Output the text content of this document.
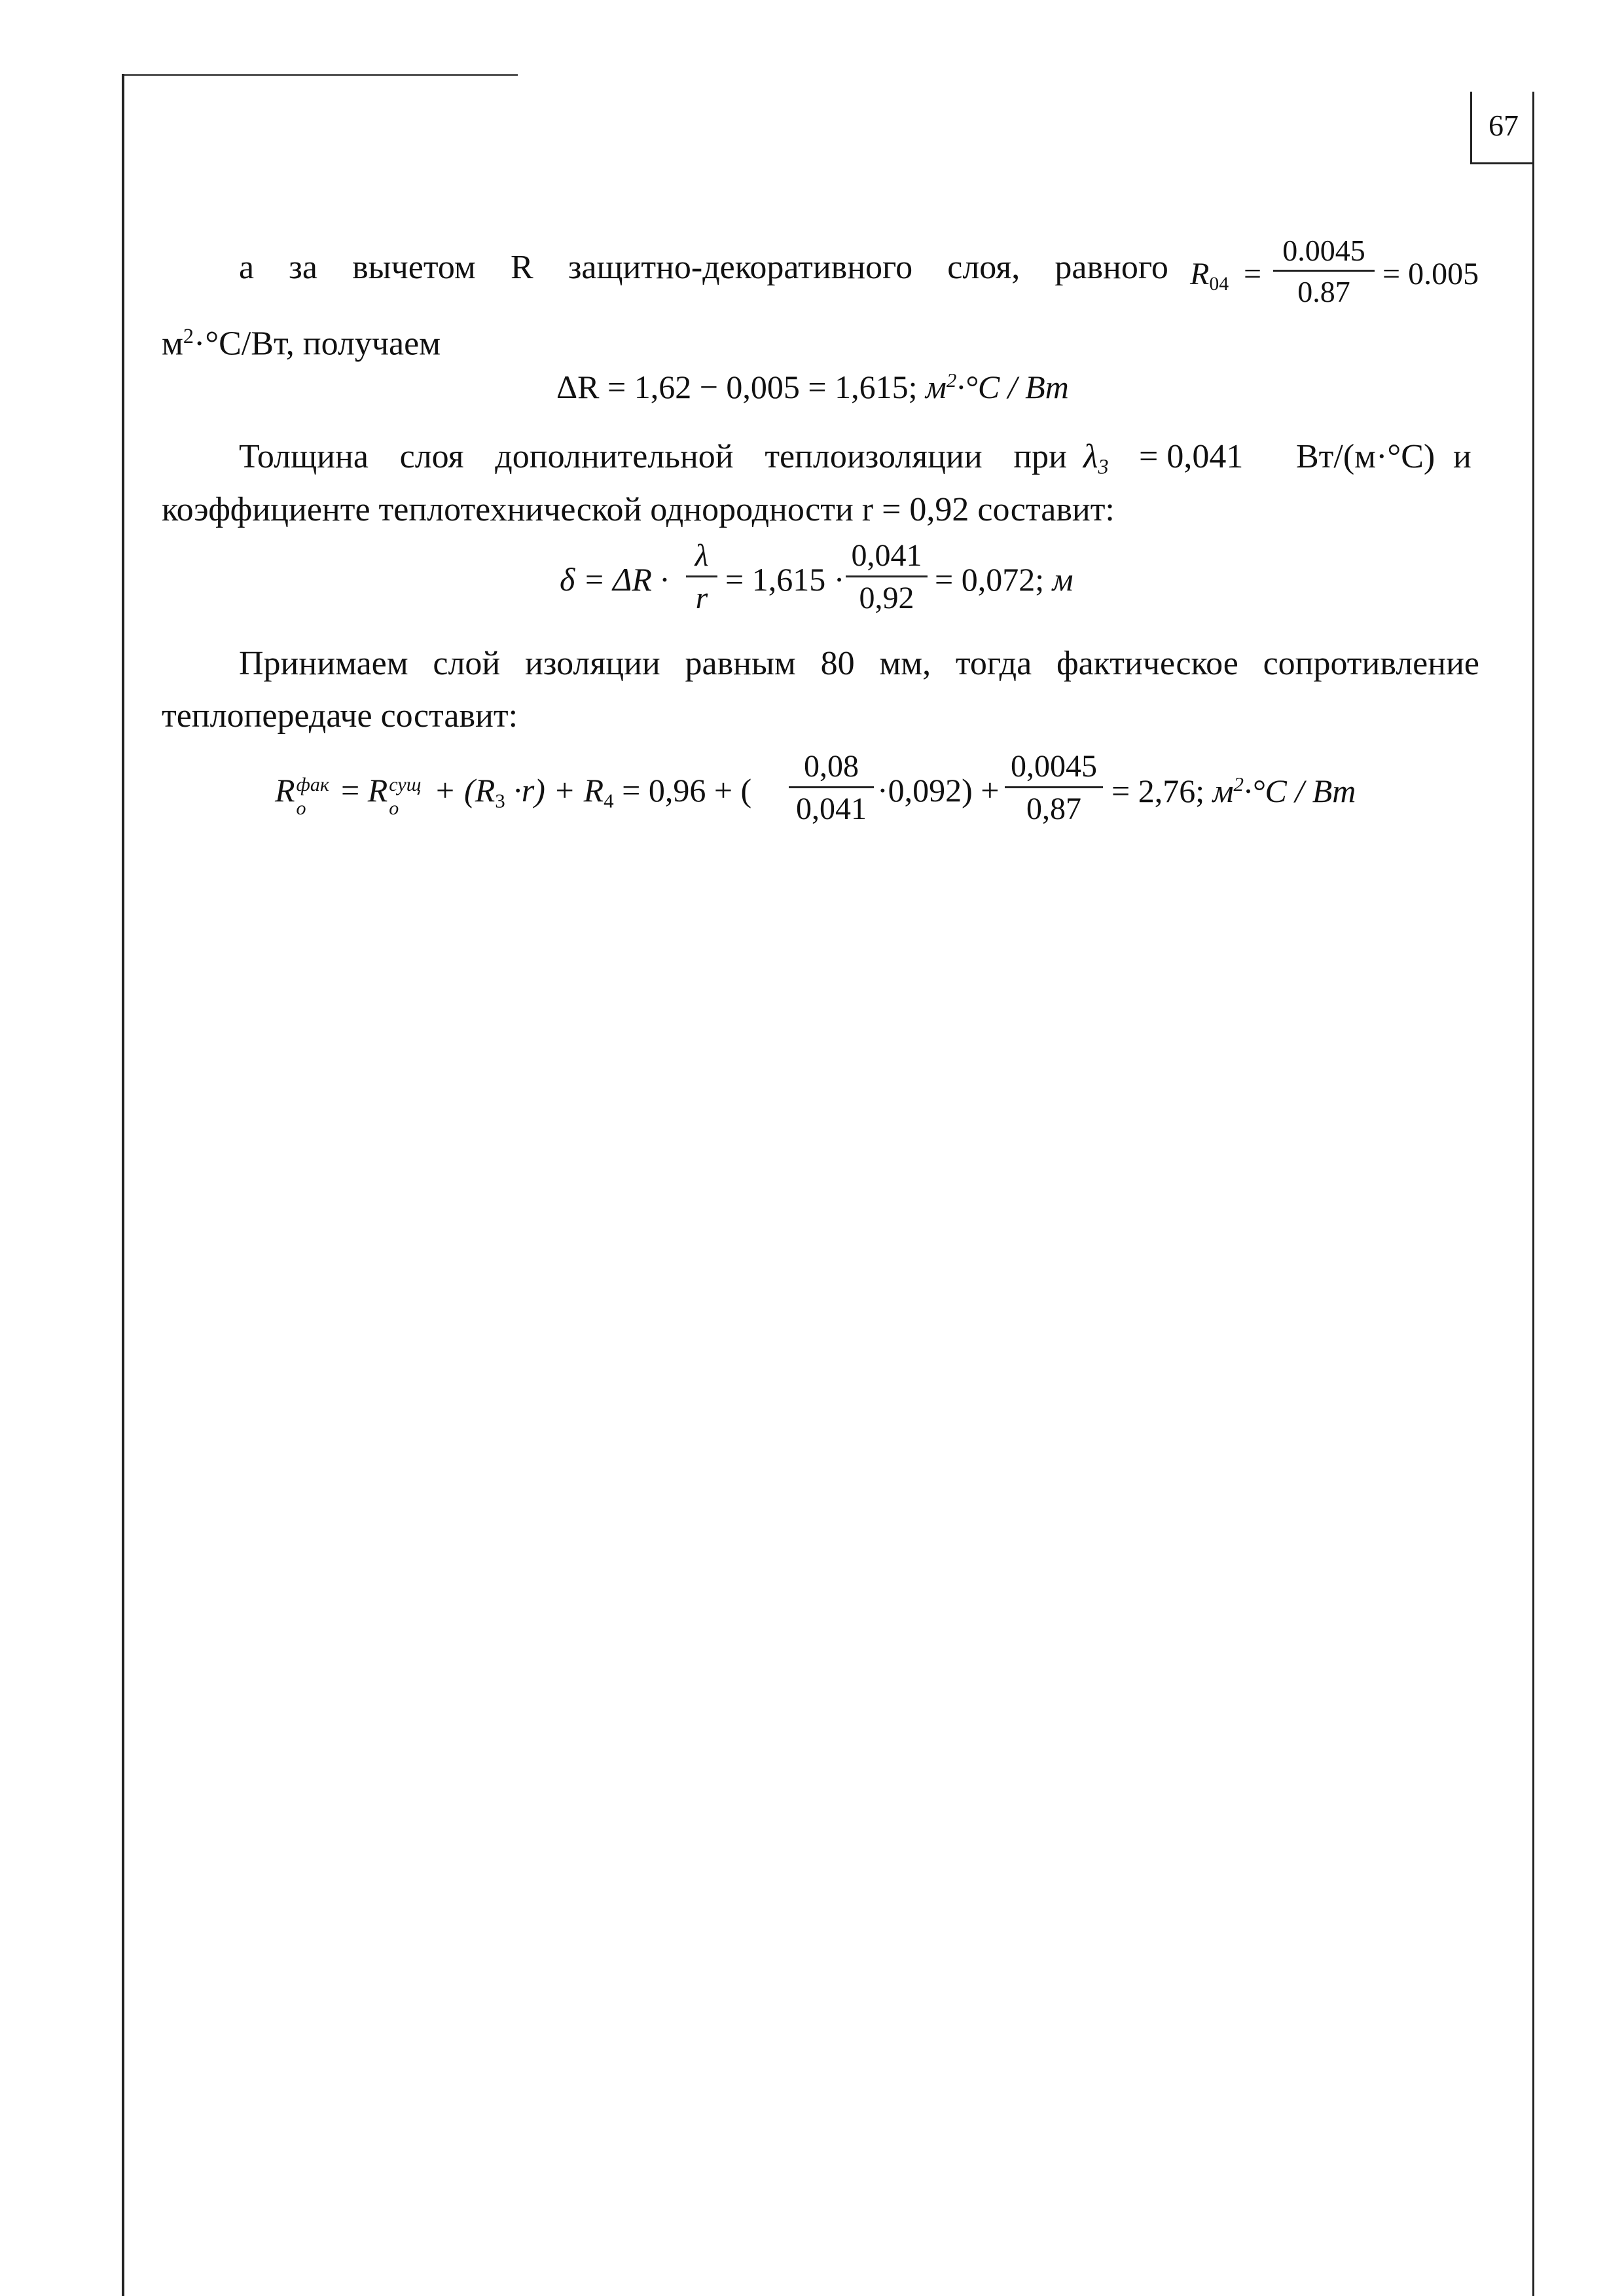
67
а за вычетом R защитно-декоративного слоя, равного $R_{04}$ =
0.0045
0.87
= 0.005
$м^2\cdot^\circ С/Вт$, получаем
ΔR = 1,62 − 0,005 = 1,615; $м^2\cdot^\circ C / Bm$
Толщина слоя дополнительной теплоизоляции при $\lambda_3 = 0,041$ Вт/(м·°С) и
коэффициенте теплотехнической однородности r = 0,92 составит:
δ = ΔR ·
λ
r
= 1,615 ·
0,041
0,92
= 0,072; м
Принимаем слой изоляции равным 80 мм, тогда фактическое сопротивление
теплопередаче составит:
R фак
o = R сущ
$o + (R_3 \cdot r) + R_4 = 0,96$ + (
0,08
0,041
·0,092) +
0,0045
0,87 = 2,76; $м^2\cdot^\circ C / Bm$
